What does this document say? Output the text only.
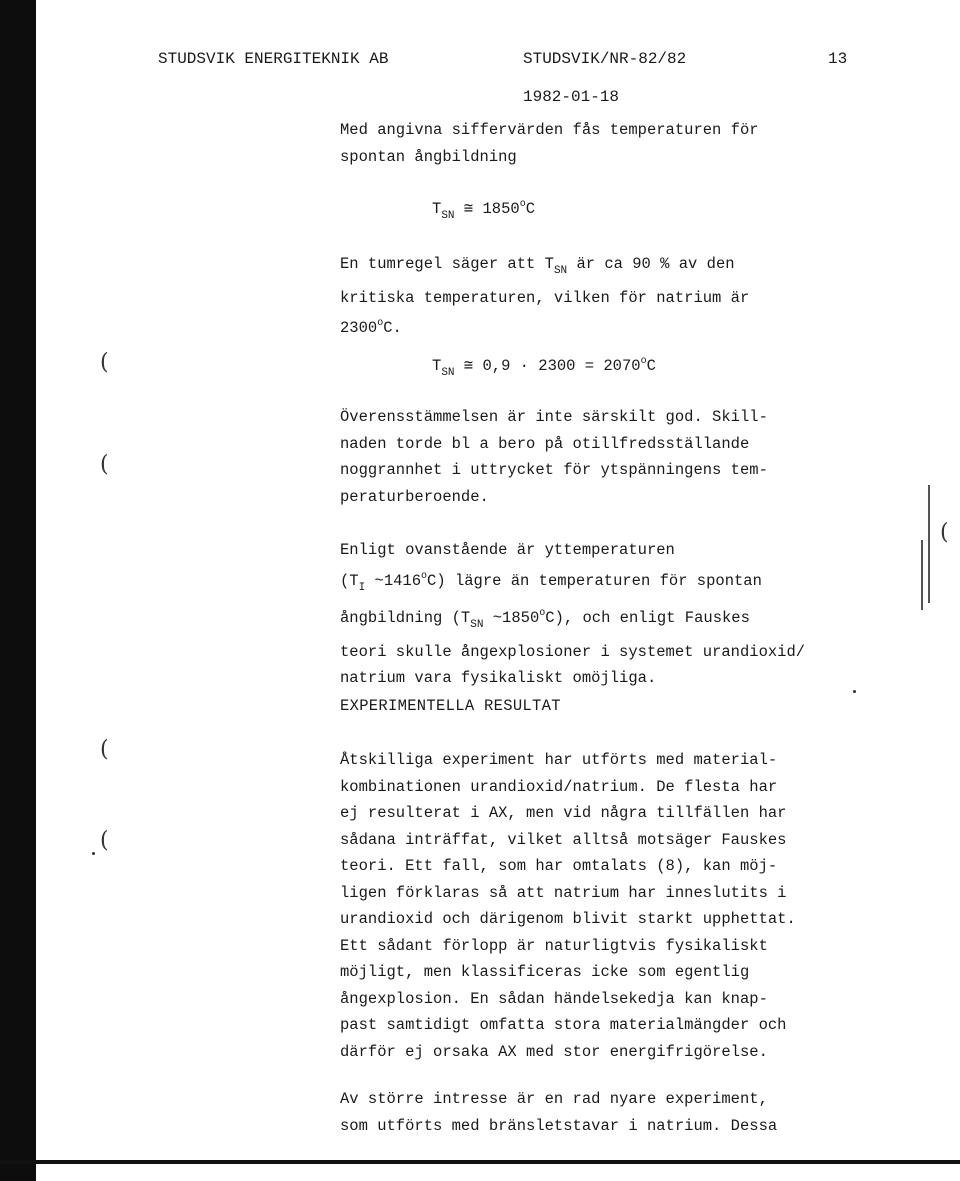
STUDSVIK ENERGITEKNIK AB	STUDSVIK/NR-82/82	13
1982-01-18
Med angivna siffervärden fås temperaturen för
spontan ångbildning
$T_{SN}$ ≅ 1850$^o$C
En tumregel säger att $T_{SN}$ är ca 90 % av den
kritiska temperaturen, vilken för natrium är
2300$^o$C.
$T_{SN}$ ≅ $0,9 \cdot 2300 = 2070^oC$
Överensstämmelsen är inte särskilt god. Skill-
naden torde bl a bero på otillfredsställande
noggrannhet i uttrycket för ytspänningens tem-
peraturberoende.
Enligt ovanstående är yttemperaturen
($T_I$ ~1416$^o$C) lägre än temperaturen för spontan
ångbildning ($T_{SN}$ ~1850$^o$C), och enligt Fauskes
teori skulle ångexplosioner i systemet urandioxid/
natrium vara fysikaliskt omöjliga.
EXPERIMENTELLA RESULTAT
Åtskilliga experiment har utförts med material-
kombinationen urandioxid/natrium. De flesta har
ej resulterat i AX, men vid några tillfällen har
sådana inträffat, vilket alltså motsäger Fauskes
teori. Ett fall, som har omtalats (8), kan möj-
ligen förklaras så att natrium har inneslutits i
urandioxid och därigenom blivit starkt upphettat.
Ett sådant förlopp är naturligtvis fysikaliskt
möjligt, men klassificeras icke som egentlig
ångexplosion. En sådan händelsekedja kan knap-
past samtidigt omfatta stora materialmängder och
därför ej orsaka AX med stor energifrigörelse.
Av större intresse är en rad nyare experiment,
som utförts med bränsletstavar i natrium. Dessa
(
(
(
(
(
